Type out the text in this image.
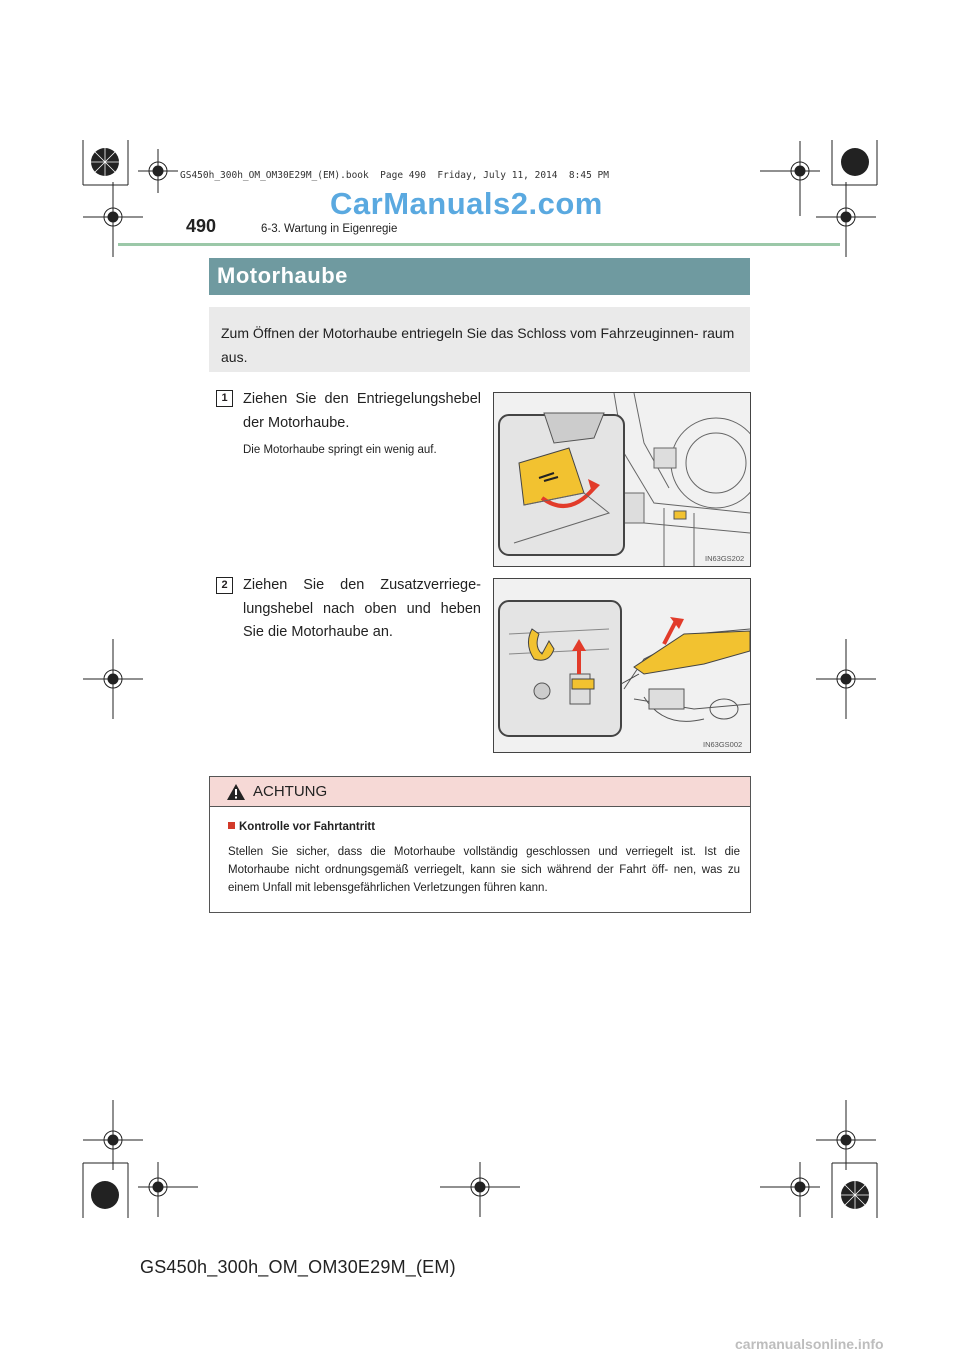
GS450h_300h_OM_OM30E29M_(EM).book  Page 490  Friday, July 11, 2014  8:45 PM
CarManuals2.com
490	6-3. Wartung in Eigenregie
Motorhaube
Zum Öffnen der Motorhaube entriegeln Sie das Schloss vom Fahrzeuginnen- raum aus.
1	Ziehen Sie den Entriegelungshebel der Motorhaube.
Die Motorhaube springt ein wenig auf.
IN63GS202
2	Ziehen Sie den Zusatzverriege- lungshebel nach oben und heben Sie die Motorhaube an.
IN63GS002
ACHTUNG
Kontrolle vor Fahrtantritt
Stellen Sie sicher, dass die Motorhaube vollständig geschlossen und verriegelt ist. Ist die Motorhaube nicht ordnungsgemäß verriegelt, kann sie sich während der Fahrt öff- nen, was zu einem Unfall mit lebensgefährlichen Verletzungen führen kann.
GS450h_300h_OM_OM30E29M_(EM)
carmanualsonline.info
